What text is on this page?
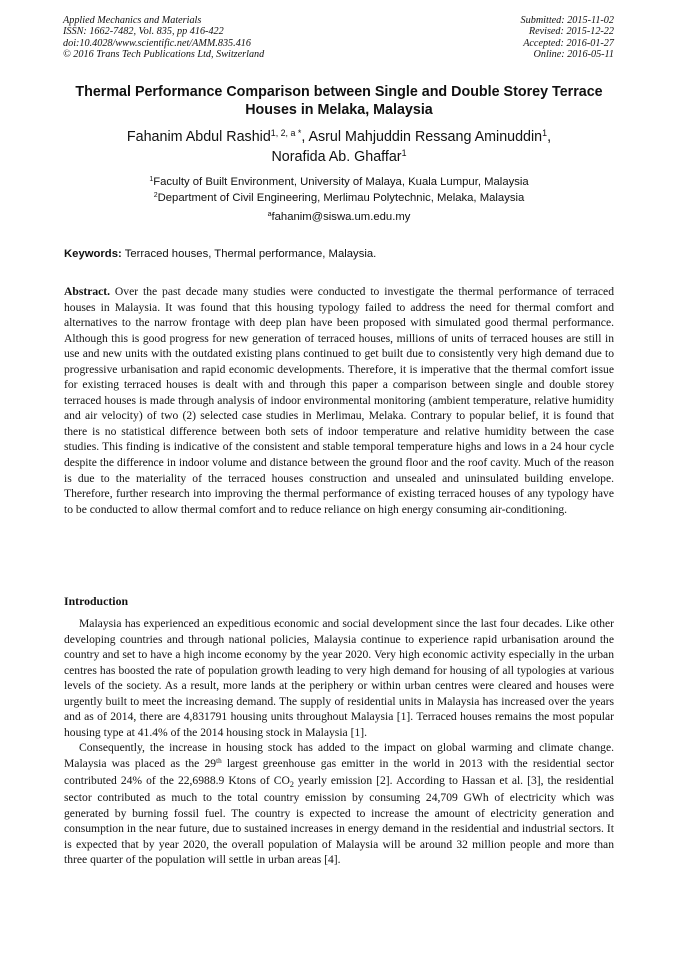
Applied Mechanics and Materials
ISSN: 1662-7482, Vol. 835, pp 416-422
doi:10.4028/www.scientific.net/AMM.835.416
© 2016 Trans Tech Publications Ltd, Switzerland
Submitted: 2015-11-02
Revised: 2015-12-22
Accepted: 2016-01-27
Online: 2016-05-11
Thermal Performance Comparison between Single and Double Storey Terrace Houses in Melaka, Malaysia
Fahanim Abdul Rashid$^{1, 2, a *}$, Asrul Mahjuddin Ressang Aminuddin$^1$,
Norafida Ab. Ghaffar$^1$
$^1$Faculty of Built Environment, University of Malaya, Kuala Lumpur, Malaysia
$^2$Department of Civil Engineering, Merlimau Polytechnic, Melaka, Malaysia
$^a$fahanim@siswa.um.edu.my
Keywords: Terraced houses, Thermal performance, Malaysia.

Abstract. Over the past decade many studies were conducted to investigate the thermal performance of terraced houses in Malaysia. It was found that this housing typology failed to address the need for thermal comfort and alternatives to the narrow frontage with deep plan have been proposed with simulated good thermal performance. Although this is good progress for new generation of terraced houses, millions of units of terraced houses are still in use and new units with the outdated existing plans continued to get built due to consistently very high demand due to progressive urbanisation and rapid economic developments. Therefore, it is imperative that the thermal comfort issue for existing terraced houses is dealt with and through this paper a comparison between single and double storey terraced houses is made through analysis of indoor environmental monitoring (ambient temperature, relative humidity and air velocity) of two (2) selected case studies in Merlimau, Melaka. Contrary to popular belief, it is found that there is no statistical difference between both sets of indoor temperature and relative humidity between the case studies. This finding is indicative of the consistent and stable temporal temperature highs and lows in a 24 hour cycle despite the difference in indoor volume and distance between the ground floor and the roof cavity. Much of the reason is due to the materiality of the terraced houses construction and unsealed and uninsulated building envelope. Therefore, further research into improving the thermal performance of existing terraced houses of any typology have to be conducted to allow thermal comfort and to reduce reliance on high energy consuming air-conditioning.

Introduction

Malaysia has experienced an expeditious economic and social development since the last four decades. Like other developing countries and through national policies, Malaysia continue to experience rapid urbanisation around the country and set to have a high income economy by the year 2020. Very high economic activity especially in the urban centres has boosted the rate of population growth leading to very high demand for housing of all typologies at various levels of the society. As a result, more lands at the periphery or within urban centres were cleared and houses were urgently built to meet the increasing demand. The supply of residential units in Malaysia has increased over the years and as of 2014, there are 4,831791 housing units throughout Malaysia [1]. Terraced houses remains the most popular housing type at 41.4% of the 2014 housing stock in Malaysia [1].

Consequently, the increase in housing stock has added to the impact on global warming and climate change. Malaysia was placed as the 29th largest greenhouse gas emitter in the world in 2013 with the residential sector contributed 24% of the 22,6988.9 Ktons of $CO_2$ yearly emission [2]. According to Hassan et al. [3], the residential sector contributed as much to the total country emission by consuming 24,709 GWh of electricity which was generated by burning fossil fuel. The country is expected to increase the amount of electricity generation and consumption in the near future, due to sustained increases in energy demand in the residential and industrial sectors. It is expected that by year 2020, the overall population of Malaysia will be around 32 million people and more than three quarter of the population will settle in urban areas [4].
